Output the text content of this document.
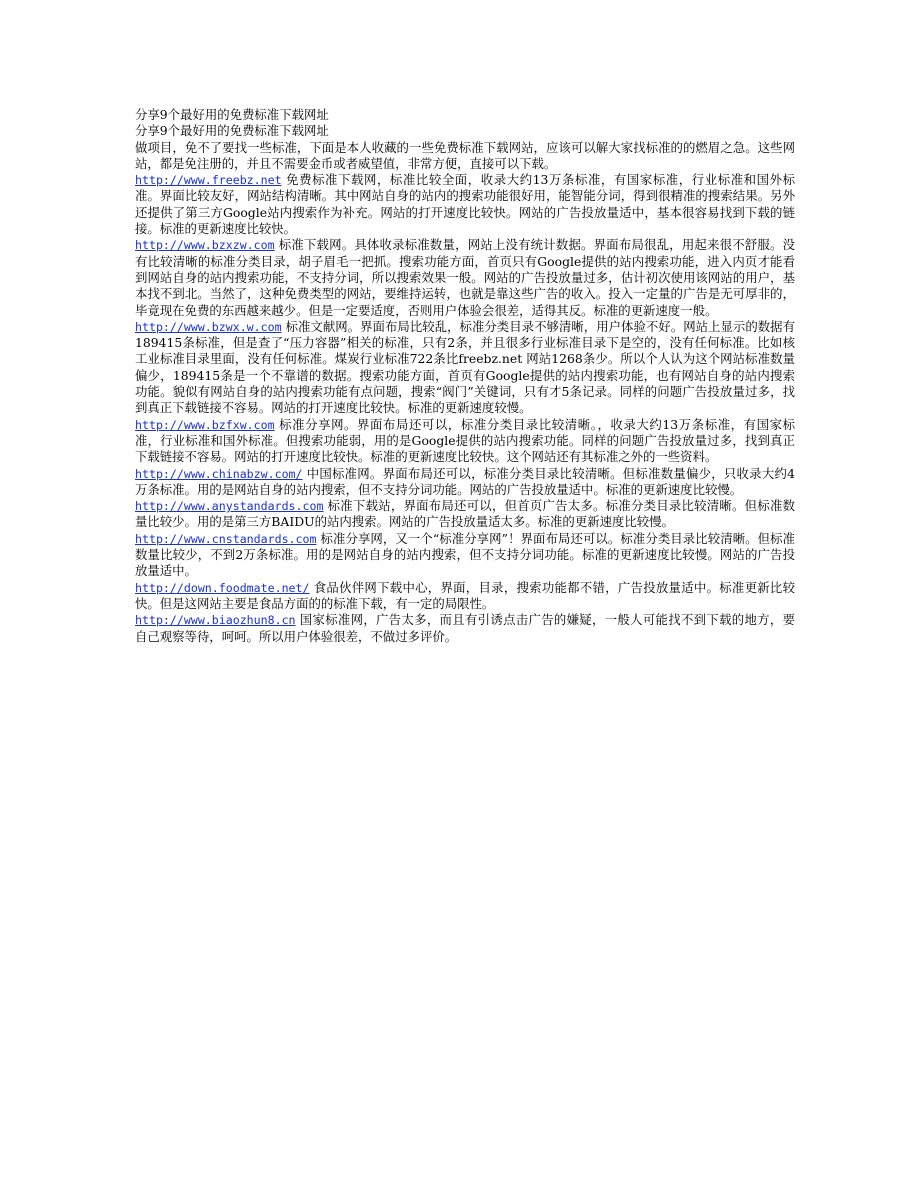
分享9个最好用的免费标准下载网址

分享9个最好用的免费标准下载网址

做项目，免不了要找一些标准，下面是本人收藏的一些免费标准下载网站，应该可以解大家找标准的的燃眉之急。这些网站，都是免注册的，并且不需要金币或者威望值，非常方便，直接可以下载。

http://www.freebz.net 免费标准下载网，标准比较全面，收录大约13万条标准，有国家标准，行业标准和国外标准。界面比较友好，网站结构清晰。其中网站自身的站内的搜索功能很好用，能智能分词，得到很精准的搜索结果。另外还提供了第三方Google站内搜索作为补充。网站的打开速度比较快。网站的广告投放量适中，基本很容易找到下载的链接。标准的更新速度比较快。

http://www.bzxzw.com 标准下载网。具体收录标准数量，网站上没有统计数据。界面布局很乱，用起来很不舒服。没有比较清晰的标准分类目录，胡子眉毛一把抓。搜索功能方面，首页只有Google提供的站内搜索功能，进入内页才能看到网站自身的站内搜索功能，不支持分词，所以搜索效果一般。网站的广告投放量过多，估计初次使用该网站的用户，基本找不到北。当然了，这种免费类型的网站，要维持运转，也就是靠这些广告的收入。投入一定量的广告是无可厚非的，毕竟现在免费的东西越来越少。但是一定要适度，否则用户体验会很差，适得其反。标准的更新速度一般。

http://www.bzwx.w.com 标准文献网。界面布局比较乱，标准分类目录不够清晰，用户体验不好。网站上显示的数据有189415条标准，但是查了“压力容器”相关的标准，只有2条，并且很多行业标准目录下是空的，没有任何标准。比如核工业标准目录里面，没有任何标准。煤炭行业标准722条比freebz.net 网站1268条少。所以个人认为这个网站标准数量偏少，189415条是一个不靠谱的数据。搜索功能方面，首页有Google提供的站内搜索功能，也有网站自身的站内搜索功能。貌似有网站自身的站内搜索功能有点问题，搜索“阀门”关键词，只有才5条记录。同样的问题广告投放量过多，找到真正下载链接不容易。网站的打开速度比较快。标准的更新速度较慢。

http://www.bzfxw.com 标准分享网。界面布局还可以，标准分类目录比较清晰。，收录大约13万条标准，有国家标准，行业标准和国外标准。但搜索功能弱，用的是Google提供的站内搜索功能。同样的问题广告投放量过多，找到真正下载链接不容易。网站的打开速度比较快。标准的更新速度比较快。这个网站还有其标准之外的一些资料。

http://www.chinabzw.com/ 中国标准网。界面布局还可以，标准分类目录比较清晰。但标准数量偏少，只收录大约4万条标准。用的是网站自身的站内搜索，但不支持分词功能。网站的广告投放量适中。标准的更新速度比较慢。

http://www.anystandards.com 标准下载站，界面布局还可以，但首页广告太多。标准分类目录比较清晰。但标准数量比较少。用的是第三方BAIDU的站内搜索。网站的广告投放量适太多。标准的更新速度比较慢。

http://www.cnstandards.com 标准分享网，又一个“标准分享网”！界面布局还可以。标准分类目录比较清晰。但标准数量比较少，不到2万条标准。用的是网站自身的站内搜索，但不支持分词功能。标准的更新速度比较慢。网站的广告投放量适中。

http://down.foodmate.net/ 食品伙伴网下载中心，界面，目录，搜索功能都不错，广告投放量适中。标准更新比较快。但是这网站主要是食品方面的的标准下载，有一定的局限性。

http://www.biaozhun8.cn 国家标准网，广告太多，而且有引诱点击广告的嫌疑，一般人可能找不到下载的地方，要自己观察等待，呵呵。所以用户体验很差，不做过多评价。
